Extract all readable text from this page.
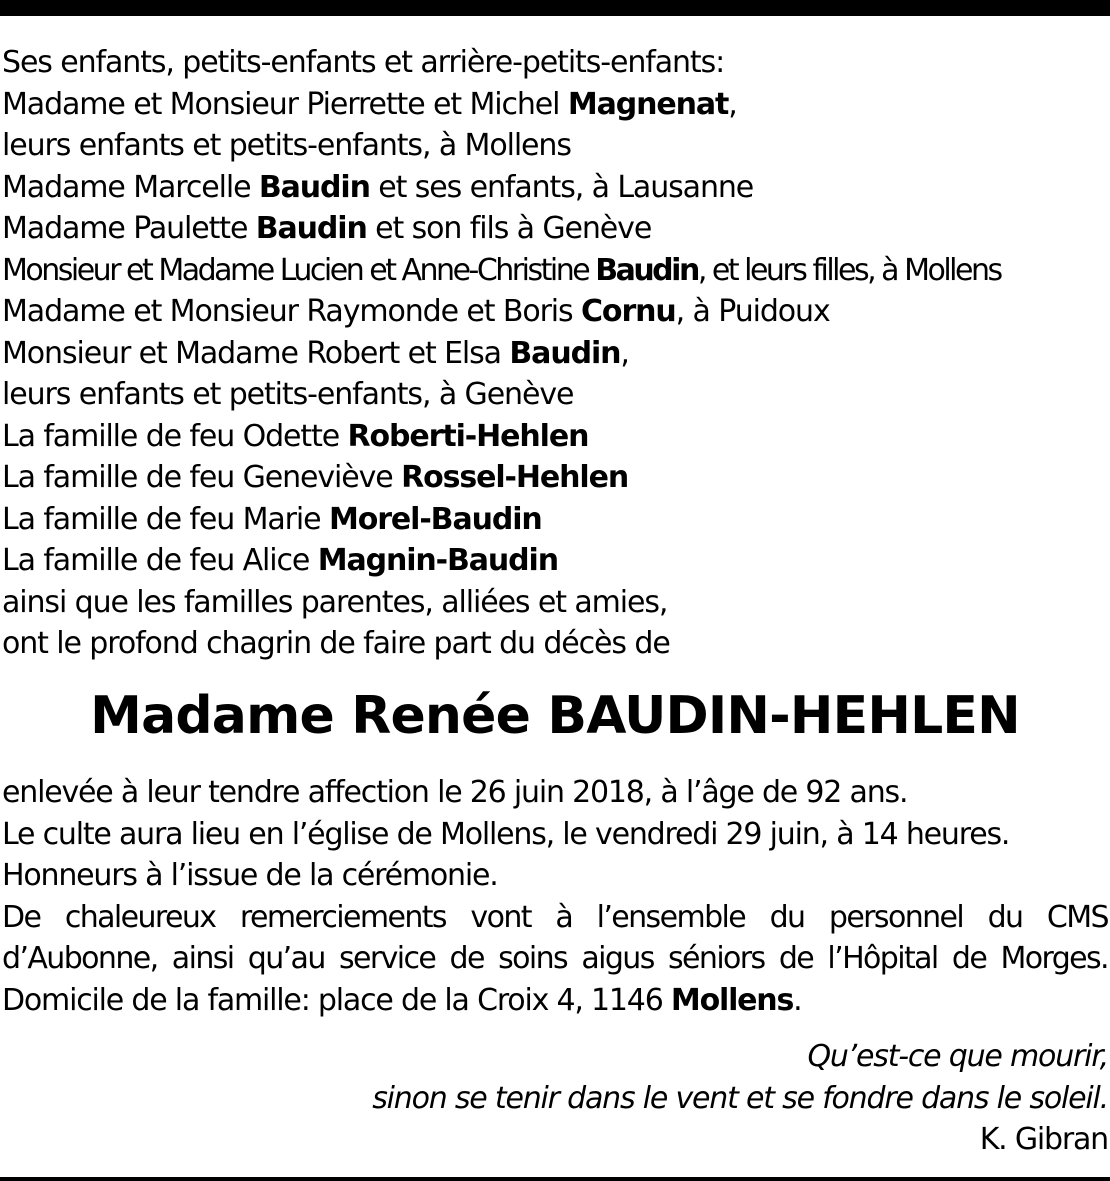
Ses enfants, petits-enfants et arrière-petits-enfants:
Madame et Monsieur Pierrette et Michel Magnenat,
leurs enfants et petits-enfants, à Mollens
Madame Marcelle Baudin et ses enfants, à Lausanne
Madame Paulette Baudin et son fils à Genève
Monsieur et Madame Lucien et Anne-Christine Baudin, et leurs filles, à Mollens
Madame et Monsieur Raymonde et Boris Cornu, à Puidoux
Monsieur et Madame Robert et Elsa Baudin,
leurs enfants et petits-enfants, à Genève
La famille de feu Odette Roberti-Hehlen
La famille de feu Geneviève Rossel-Hehlen
La famille de feu Marie Morel-Baudin
La famille de feu Alice Magnin-Baudin
ainsi que les familles parentes, alliées et amies,
ont le profond chagrin de faire part du décès de
Madame Renée BAUDIN-HEHLEN
enlevée à leur tendre affection le 26 juin 2018, à l’âge de 92 ans.
Le culte aura lieu en l’église de Mollens, le vendredi 29 juin, à 14 heures.
Honneurs à l’issue de la cérémonie.
De chaleureux remerciements vont à l’ensemble du personnel du CMS
d’Aubonne, ainsi qu’au service de soins aigus séniors de l’Hôpital de Morges.
Domicile de la famille: place de la Croix 4, 1146 Mollens.
Qu’est-ce que mourir,
sinon se tenir dans le vent et se fondre dans le soleil.
K. Gibran
